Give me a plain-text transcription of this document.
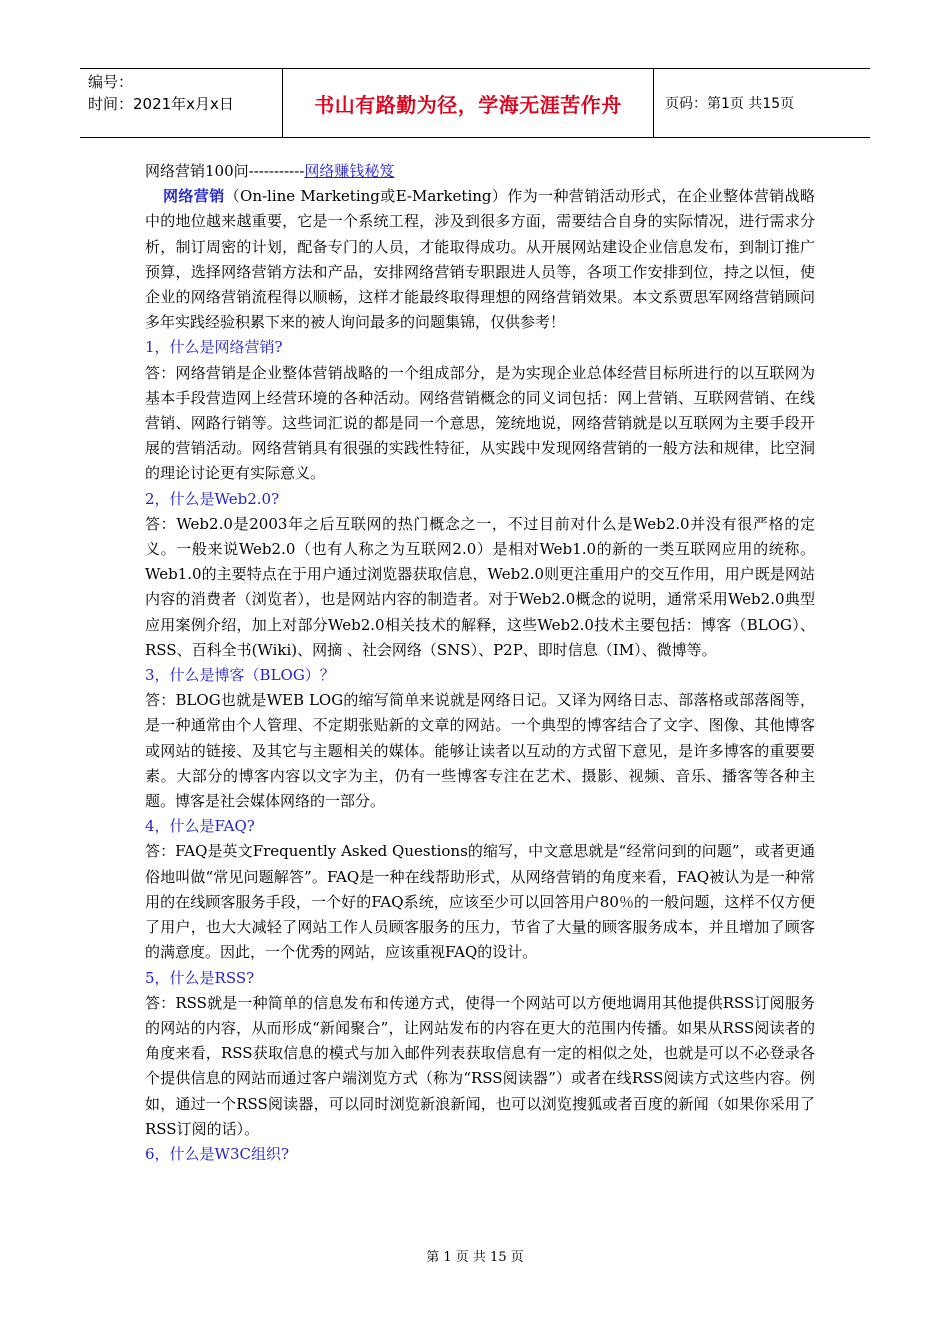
编号：
时间：2021年x月x日	书山有路勤为径，学海无涯苦作舟	页码：第1页 共15页

网络营销100问-----------网络赚钱秘笈

网络营销（On-line Marketing或E-Marketing）作为一种营销活动形式，在企业整体营销战略中的地位越来越重要，它是一个系统工程，涉及到很多方面，需要结合自身的实际情况，进行需求分析，制订周密的计划，配备专门的人员，才能取得成功。从开展网站建设企业信息发布，到制订推广预算，选择网络营销方法和产品，安排网络营销专职跟进人员等，各项工作安排到位，持之以恒，使企业的网络营销流程得以顺畅，这样才能最终取得理想的网络营销效果。本文系贾思军网络营销顾问多年实践经验积累下来的被人询问最多的问题集锦，仅供参考！

1，什么是网络营销?

答：网络营销是企业整体营销战略的一个组成部分，是为实现企业总体经营目标所进行的以互联网为基本手段营造网上经营环境的各种活动。网络营销概念的同义词包括：网上营销、互联网营销、在线营销、网路行销等。这些词汇说的都是同一个意思，笼统地说，网络营销就是以互联网为主要手段开展的营销活动。网络营销具有很强的实践性特征，从实践中发现网络营销的一般方法和规律，比空洞的理论讨论更有实际意义。

2，什么是Web2.0?

答：Web2.0是2003年之后互联网的热门概念之一，不过目前对什么是Web2.0并没有很严格的定义。一般来说Web2.0（也有人称之为互联网2.0）是相对Web1.0的新的一类互联网应用的统称。Web1.0的主要特点在于用户通过浏览器获取信息，Web2.0则更注重用户的交互作用，用户既是网站内容的消费者（浏览者），也是网站内容的制造者。对于Web2.0概念的说明，通常采用Web2.0典型应用案例介绍，加上对部分Web2.0相关技术的解释，这些Web2.0技术主要包括：博客（BLOG）、RSS、百科全书(Wiki)、网摘 、社会网络（SNS）、P2P、即时信息（IM）、微博等。

3，什么是博客（BLOG）？

答：BLOG也就是WEB LOG的缩写简单来说就是网络日记。又译为网络日志、部落格或部落阁等，是一种通常由个人管理、不定期张贴新的文章的网站。一个典型的博客结合了文字、图像、其他博客或网站的链接、及其它与主题相关的媒体。能够让读者以互动的方式留下意见，是许多博客的重要要素。大部分的博客内容以文字为主，仍有一些博客专注在艺术、摄影、视频、音乐、播客等各种主题。博客是社会媒体网络的一部分。

4，什么是FAQ?

答：FAQ是英文Frequently Asked Questions的缩写，中文意思就是“经常问到的问题”，或者更通俗地叫做“常见问题解答”。FAQ是一种在线帮助形式，从网络营销的角度来看，FAQ被认为是一种常用的在线顾客服务手段，一个好的FAQ系统，应该至少可以回答用户80％的一般问题，这样不仅方便了用户，也大大减轻了网站工作人员顾客服务的压力，节省了大量的顾客服务成本，并且增加了顾客的满意度。因此，一个优秀的网站，应该重视FAQ的设计。

5，什么是RSS?

答：RSS就是一种简单的信息发布和传递方式，使得一个网站可以方便地调用其他提供RSS订阅服务的网站的内容，从而形成“新闻聚合”，让网站发布的内容在更大的范围内传播。如果从RSS阅读者的角度来看，RSS获取信息的模式与加入邮件列表获取信息有一定的相似之处，也就是可以不必登录各个提供信息的网站而通过客户端浏览方式（称为“RSS阅读器”）或者在线RSS阅读方式这些内容。例如，通过一个RSS阅读器，可以同时浏览新浪新闻，也可以浏览搜狐或者百度的新闻（如果你采用了RSS订阅的话）。

6，什么是W3C组织?

第 1 页 共 15 页
